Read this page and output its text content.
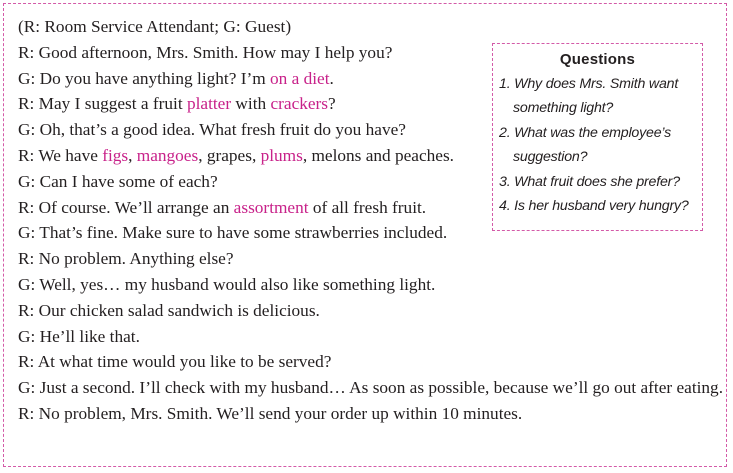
(R: Room Service Attendant; G: Guest)
R: Good afternoon, Mrs. Smith. How may I help you?
G: Do you have anything light? I’m on a diet.
R: May I suggest a fruit platter with crackers?
G: Oh, that’s a good idea. What fresh fruit do you have?
R: We have figs, mangoes, grapes, plums, melons and peaches.
G: Can I have some of each?
R: Of course. We’ll arrange an assortment of all fresh fruit.
G: That’s fine. Make sure to have some strawberries included.
R: No problem. Anything else?
G: Well, yes… my husband would also like something light.
R: Our chicken salad sandwich is delicious.
G: He’ll like that.
R: At what time would you like to be served?
G: Just a second. I’ll check with my husband… As soon as possible, because we’ll go out after eating.
R: No problem, Mrs. Smith. We’ll send your order up within 10 minutes.
Questions
1. Why does Mrs. Smith want
something light?
2. What was the employee’s
suggestion?
3. What fruit does she prefer?
4. Is her husband very hungry?
